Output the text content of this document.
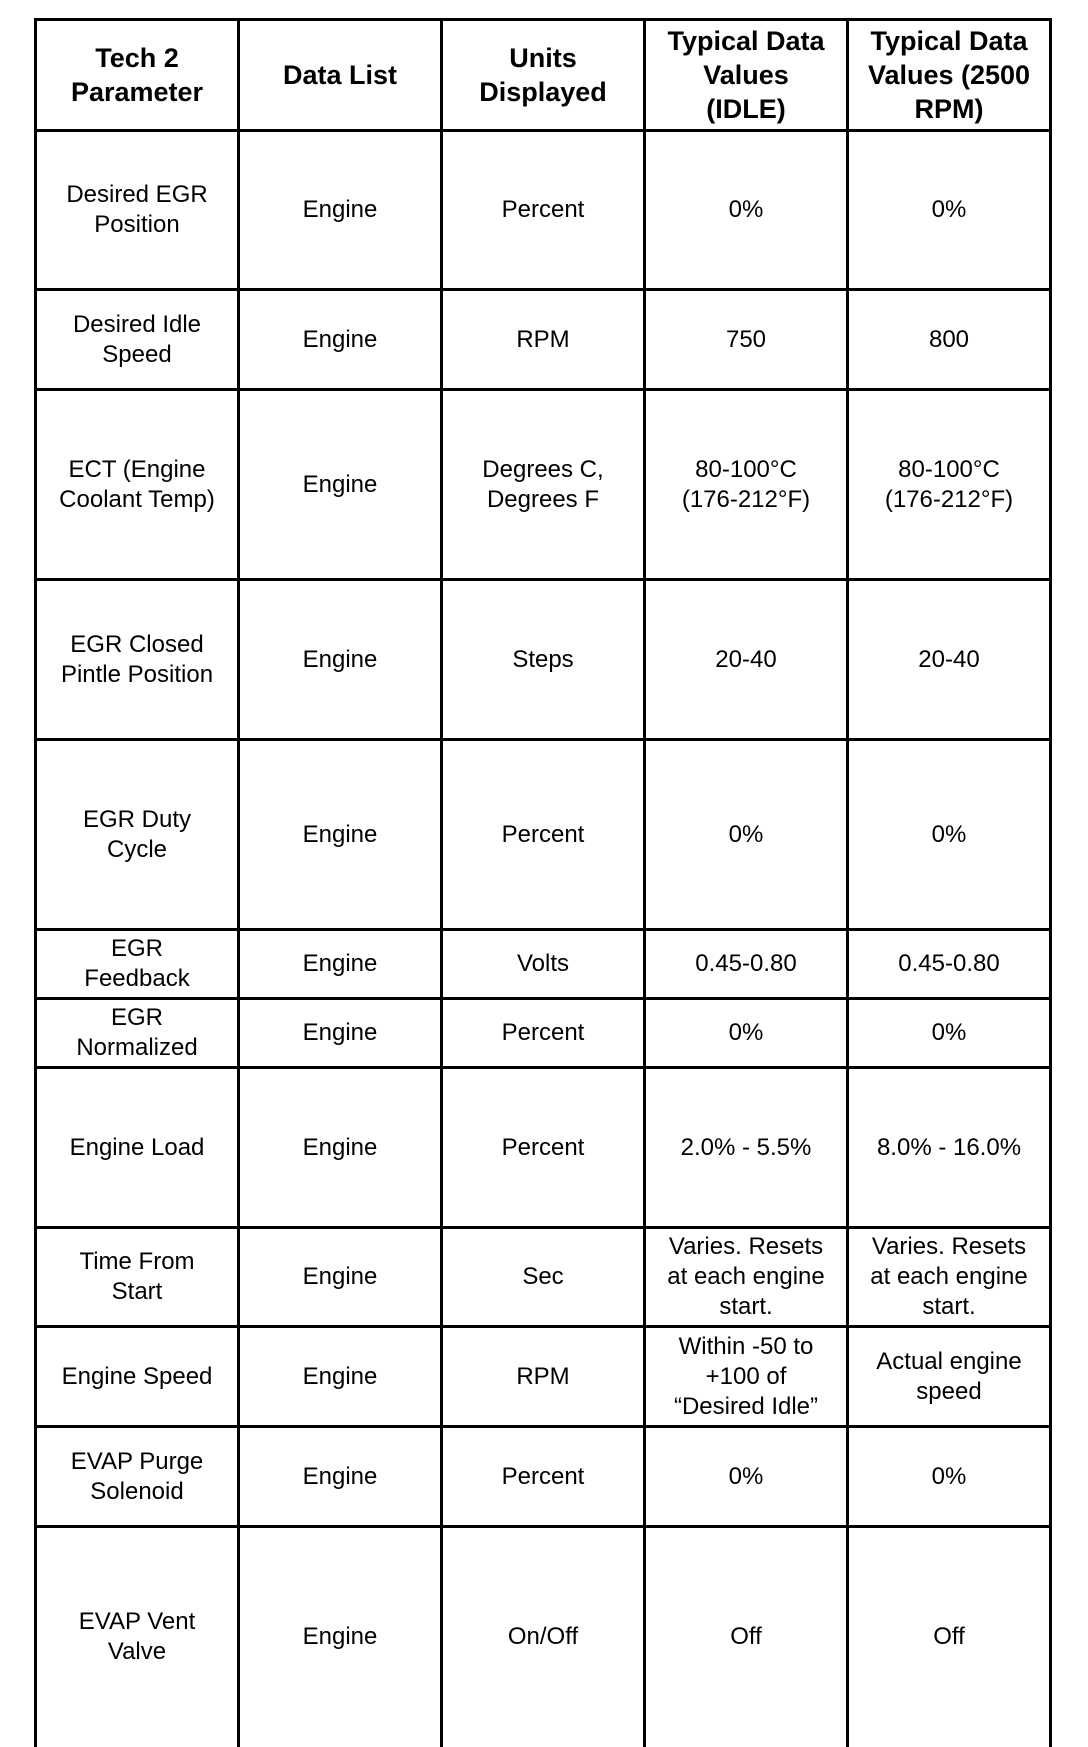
Tech 2
Parameter	Data List	Units
Displayed	Typical Data
Values
(IDLE)	Typical Data
Values (2500
RPM)
Desired EGR
Position	Engine	Percent	0%	0%
Desired Idle
Speed	Engine	RPM	750	800
ECT (Engine
Coolant Temp)	Engine	Degrees C,
Degrees F	80-100°C
(176-212°F)	80-100°C
(176-212°F)
EGR Closed
Pintle Position	Engine	Steps	20-40	20-40
EGR Duty
Cycle	Engine	Percent	0%	0%
EGR
Feedback	Engine	Volts	0.45-0.80	0.45-0.80
EGR
Normalized	Engine	Percent	0%	0%
Engine Load	Engine	Percent	2.0% - 5.5%	8.0% - 16.0%
Time From
Start	Engine	Sec	Varies. Resets
at each engine
start.	Varies. Resets
at each engine
start.
Engine Speed	Engine	RPM	Within -50 to
+100 of
“Desired Idle”	Actual engine
speed
EVAP Purge
Solenoid	Engine	Percent	0%	0%
EVAP Vent
Valve	Engine	On/Off	Off	Off
